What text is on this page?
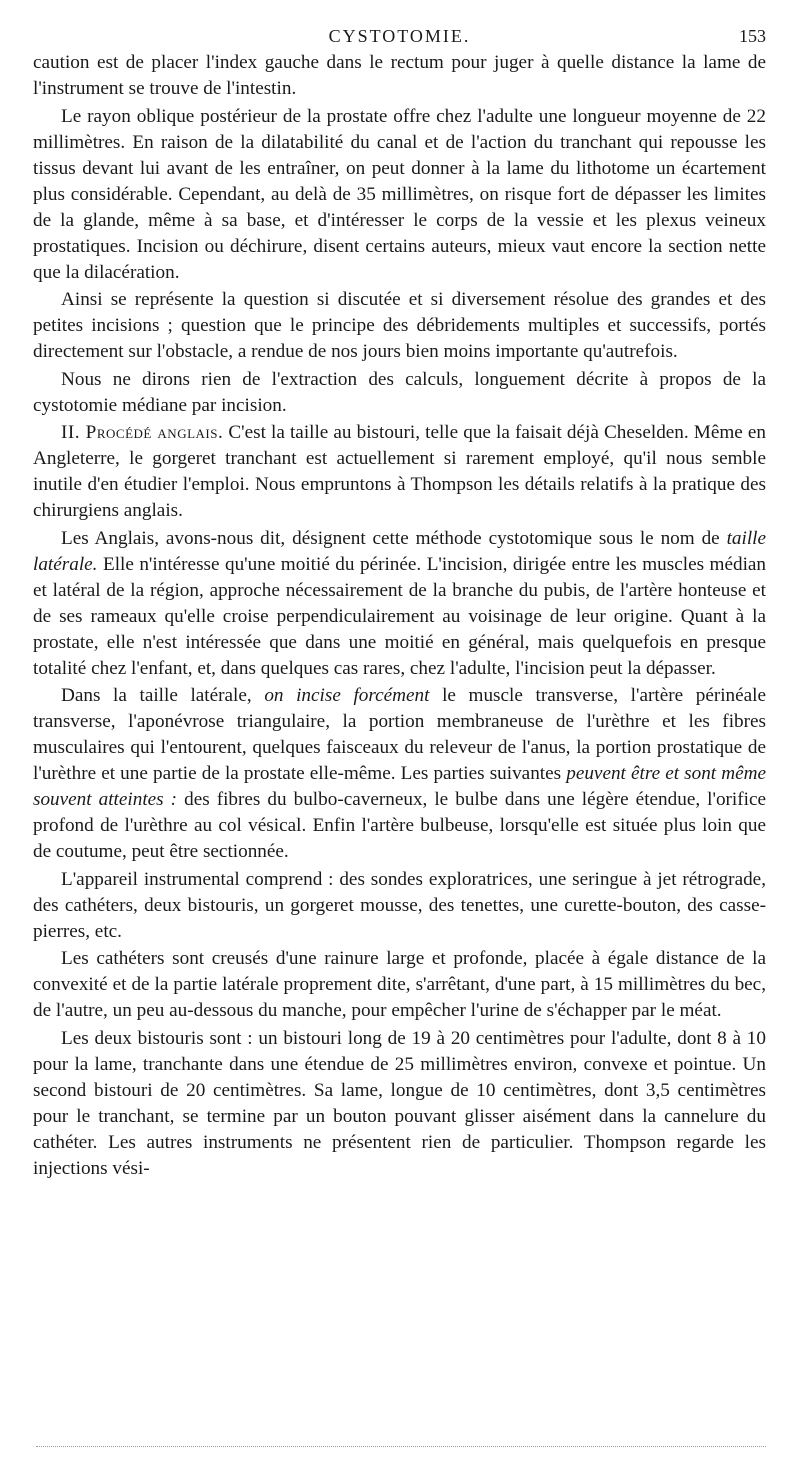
CYSTOTOMIE.	153

caution est de placer l'index gauche dans le rectum pour juger à quelle distance la lame de l'instrument se trouve de l'intestin.

Le rayon oblique postérieur de la prostate offre chez l'adulte une longueur moyenne de 22 millimètres. En raison de la dilatabilité du canal et de l'action du tranchant qui repousse les tissus devant lui avant de les entraîner, on peut donner à la lame du lithotome un écartement plus considérable. Cependant, au delà de 35 millimètres, on risque fort de dépasser les limites de la glande, même à sa base, et d'intéresser le corps de la vessie et les plexus veineux prostatiques. Incision ou déchirure, disent certains auteurs, mieux vaut encore la section nette que la dilacération.

Ainsi se représente la question si discutée et si diversement résolue des grandes et des petites incisions ; question que le principe des débridements multiples et successifs, portés directement sur l'obstacle, a rendue de nos jours bien moins importante qu'autrefois.

Nous ne dirons rien de l'extraction des calculs, longuement décrite à propos de la cystotomie médiane par incision.

II. Procédé anglais. C'est la taille au bistouri, telle que la faisait déjà Cheselden. Même en Angleterre, le gorgeret tranchant est actuellement si rarement employé, qu'il nous semble inutile d'en étudier l'emploi. Nous empruntons à Thompson les détails relatifs à la pratique des chirurgiens anglais.

Les Anglais, avons-nous dit, désignent cette méthode cystotomique sous le nom de taille latérale. Elle n'intéresse qu'une moitié du périnée. L'incision, dirigée entre les muscles médian et latéral de la région, approche nécessairement de la branche du pubis, de l'artère honteuse et de ses rameaux qu'elle croise perpendiculairement au voisinage de leur origine. Quant à la prostate, elle n'est intéressée que dans une moitié en général, mais quelquefois en presque totalité chez l'enfant, et, dans quelques cas rares, chez l'adulte, l'incision peut la dépasser.

Dans la taille latérale, on incise forcément le muscle transverse, l'artère périnéale transverse, l'aponévrose triangulaire, la portion membraneuse de l'urèthre et les fibres musculaires qui l'entourent, quelques faisceaux du releveur de l'anus, la portion prostatique de l'urèthre et une partie de la prostate elle-même. Les parties suivantes peuvent être et sont même souvent atteintes : des fibres du bulbo-caverneux, le bulbe dans une légère étendue, l'orifice profond de l'urèthre au col vésical. Enfin l'artère bulbeuse, lorsqu'elle est située plus loin que de coutume, peut être sectionnée.

L'appareil instrumental comprend : des sondes exploratrices, une seringue à jet rétrograde, des cathéters, deux bistouris, un gorgeret mousse, des tenettes, une curette-bouton, des casse-pierres, etc.

Les cathéters sont creusés d'une rainure large et profonde, placée à égale distance de la convexité et de la partie latérale proprement dite, s'arrêtant, d'une part, à 15 millimètres du bec, de l'autre, un peu au-dessous du manche, pour empêcher l'urine de s'échapper par le méat.

Les deux bistouris sont : un bistouri long de 19 à 20 centimètres pour l'adulte, dont 8 à 10 pour la lame, tranchante dans une étendue de 25 millimètres environ, convexe et pointue. Un second bistouri de 20 centimètres. Sa lame, longue de 10 centimètres, dont 3,5 centimètres pour le tranchant, se termine par un bouton pouvant glisser aisément dans la cannelure du cathéter. Les autres instruments ne présentent rien de particulier. Thompson regarde les injections vési-
